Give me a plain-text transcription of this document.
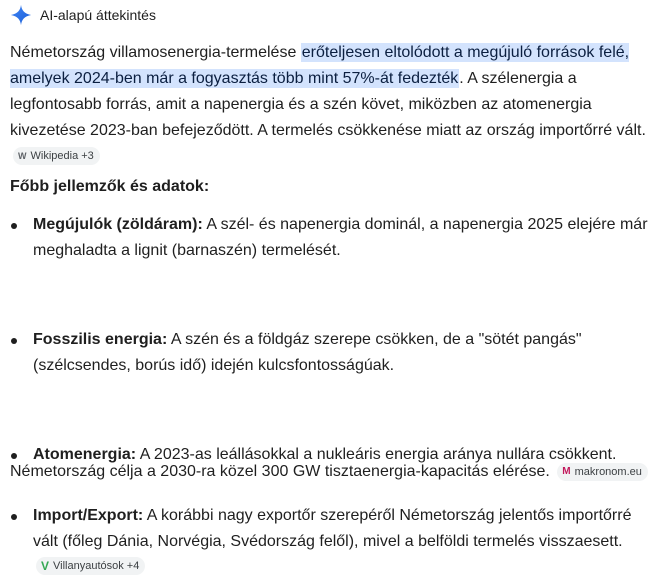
AI-alapú áttekintés

Németország villamosenergia-termelése erőteljesen eltolódott a megújuló források felé, amelyek 2024-ben már a fogyasztás több mint 57%-át fedezték. A szélenergia a legfontosabb forrás, amit a napenergia és a szén követ, miközben az atomenergia kivezetése 2023-ban befejeződött. A termelés csökkenése miatt az ország importőrré vált.
W Wikipedia +3

Főbb jellemzők és adatok:

Megújulók (zöldáram): A szél- és napenergia dominál, a napenergia 2025 elejére már meghaladta a lignit (barnaszén) termelését.
Fosszilis energia: A szén és a földgáz szerepe csökken, de a "sötét pangás" (szélcsendes, borús idő) idején kulcsfontosságúak.
Atomenergia: A 2023-as leállásokkal a nukleáris energia aránya nullára csökkent.
Import/Export: A korábbi nagy exportőr szerepéről Németország jelentős importőrré vált (főleg Dánia, Norvégia, Svédország felől), mivel a belföldi termelés visszaesett.
V Villanyautósok +4

Németország célja a 2030-ra közel 300 GW tisztaenergia-kapacitás elérése. M makronom.eu
